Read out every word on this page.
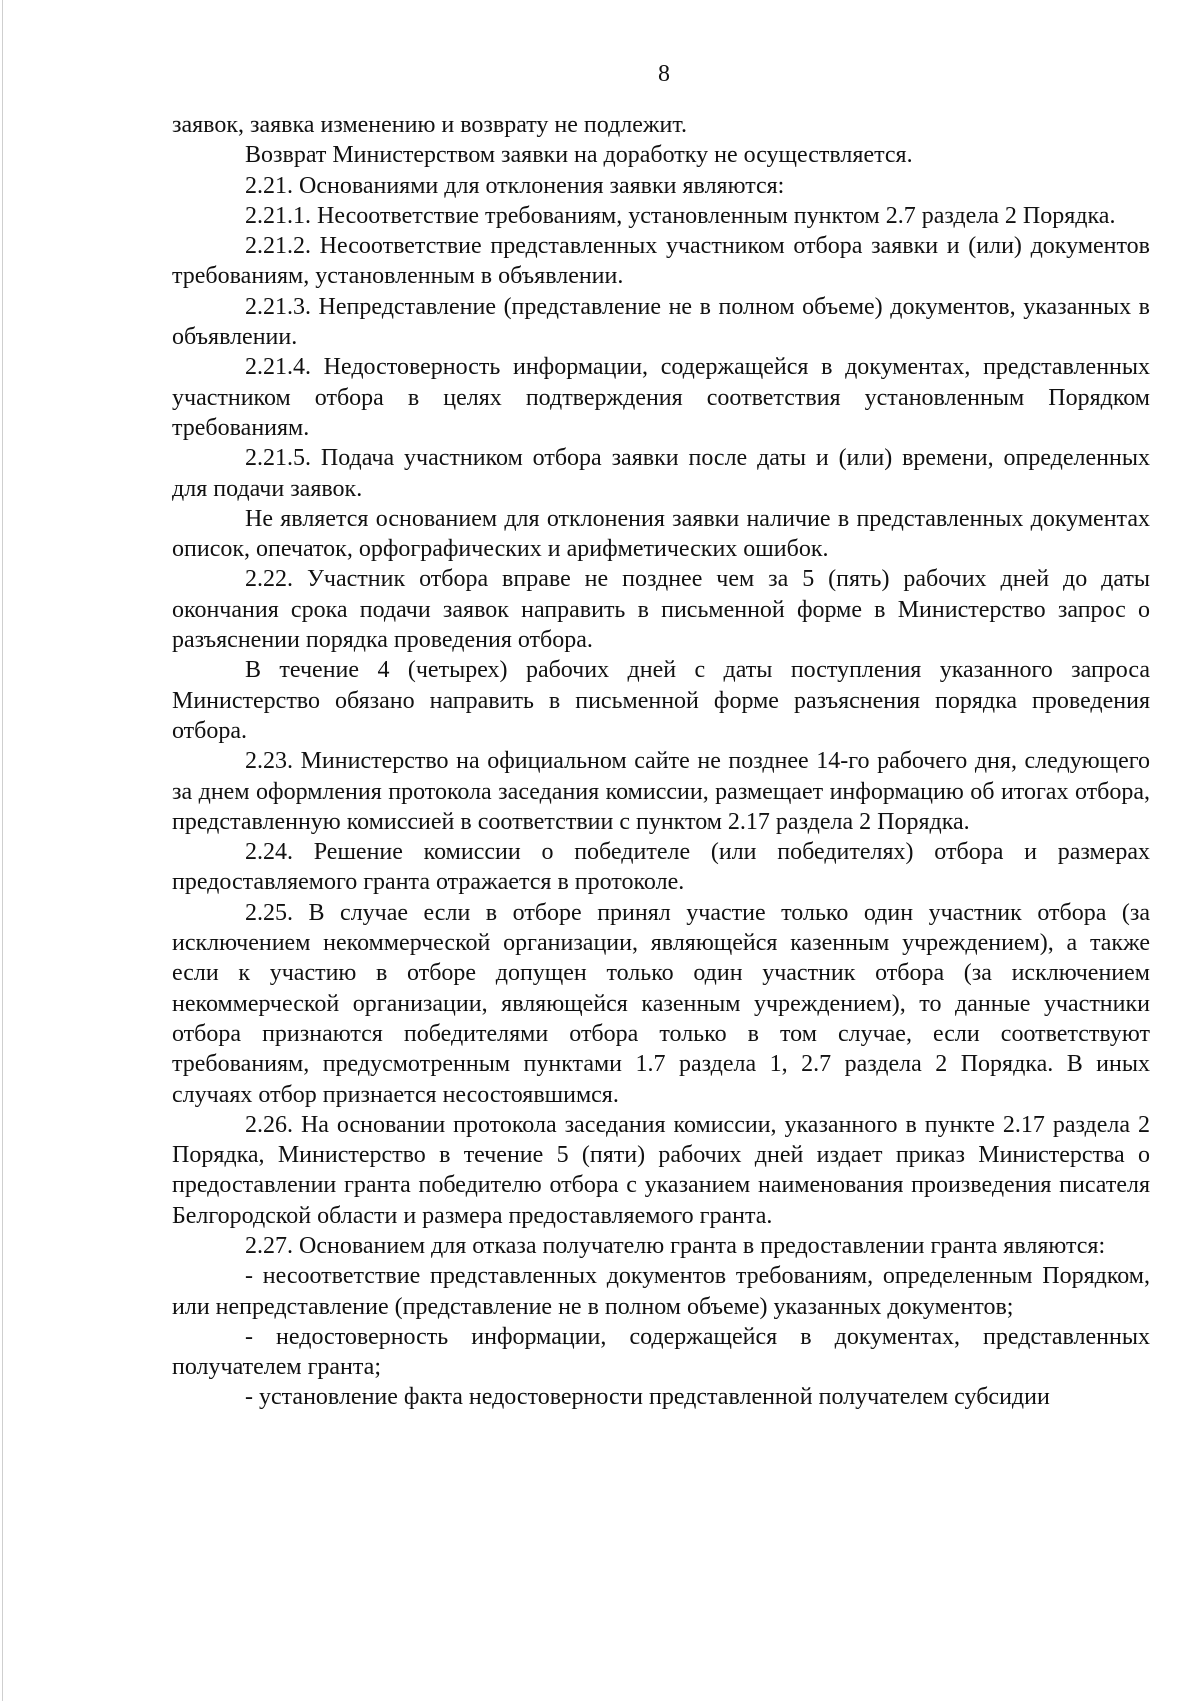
8

заявок, заявка изменению и возврату не подлежит.

Возврат Министерством заявки на доработку не осуществляется.

2.21. Основаниями для отклонения заявки являются:

2.21.1. Несоответствие требованиям, установленным пунктом 2.7 раздела 2 Порядка.

2.21.2. Несоответствие представленных участником отбора заявки и (или) документов требованиям, установленным в объявлении.

2.21.3. Непредставление (представление не в полном объеме) документов, указанных в объявлении.

2.21.4. Недостоверность информации, содержащейся в документах, представленных участником отбора в целях подтверждения соответствия установленным Порядком требованиям.

2.21.5. Подача участником отбора заявки после даты и (или) времени, определенных для подачи заявок.

Не является основанием для отклонения заявки наличие в представленных документах описок, опечаток, орфографических и арифметических ошибок.

2.22. Участник отбора вправе не позднее чем за 5 (пять) рабочих дней до даты окончания срока подачи заявок направить в письменной форме в Министерство запрос о разъяснении порядка проведения отбора.

В течение 4 (четырех) рабочих дней с даты поступления указанного запроса Министерство обязано направить в письменной форме разъяснения порядка проведения отбора.

2.23. Министерство на официальном сайте не позднее 14-го рабочего дня, следующего за днем оформления протокола заседания комиссии, размещает информацию об итогах отбора, представленную комиссией в соответствии с пунктом 2.17 раздела 2 Порядка.

2.24. Решение комиссии о победителе (или победителях) отбора и размерах предоставляемого гранта отражается в протоколе.

2.25. В случае если в отборе принял участие только один участник отбора (за исключением некоммерческой организации, являющейся казенным учреждением), а также если к участию в отборе допущен только один участник отбора (за исключением некоммерческой организации, являющейся казенным учреждением), то данные участники отбора признаются победителями отбора только в том случае, если соответствуют требованиям, предусмотренным пунктами 1.7 раздела 1, 2.7 раздела 2 Порядка. В иных случаях отбор признается несостоявшимся.

2.26. На основании протокола заседания комиссии, указанного в пункте 2.17 раздела 2 Порядка, Министерство в течение 5 (пяти) рабочих дней издает приказ Министерства о предоставлении гранта победителю отбора с указанием наименования произведения писателя Белгородской области и размера предоставляемого гранта.

2.27. Основанием для отказа получателю гранта в предоставлении гранта являются:

- несоответствие представленных документов требованиям, определенным Порядком, или непредставление (представление не в полном объеме) указанных документов;

- недостоверность информации, содержащейся в документах, представленных получателем гранта;

- установление факта недостоверности представленной получателем субсидии
